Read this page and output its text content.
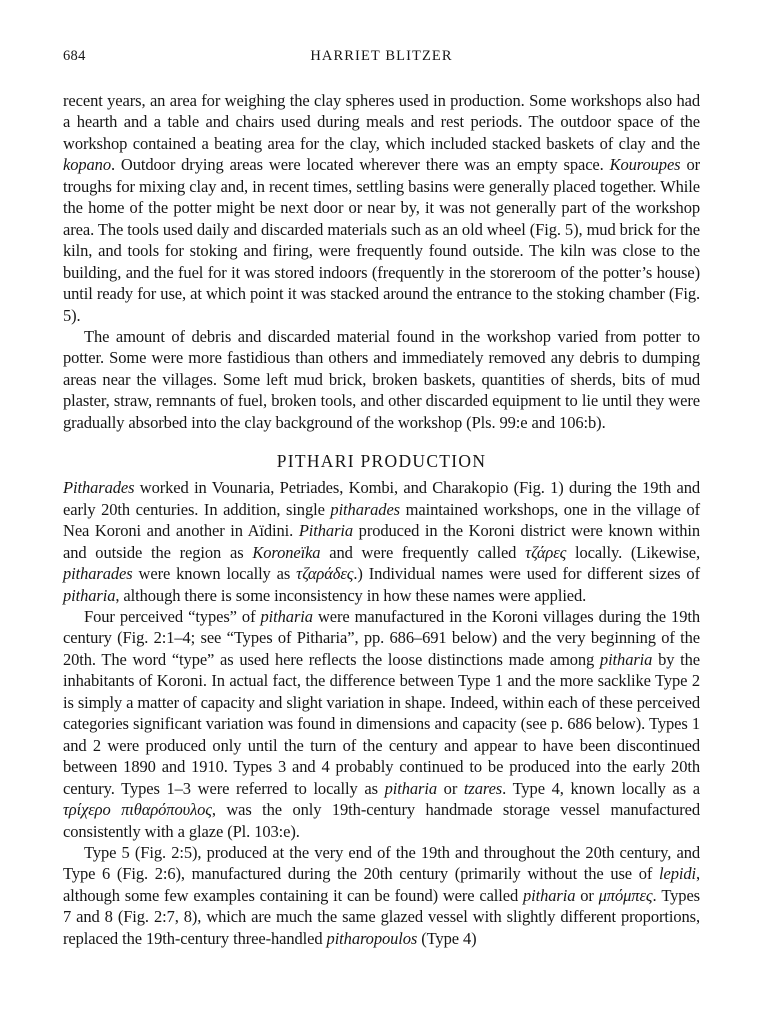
684	HARRIET BLITZER

recent years, an area for weighing the clay spheres used in production. Some workshops also had a hearth and a table and chairs used during meals and rest periods. The outdoor space of the workshop contained a beating area for the clay, which included stacked baskets of clay and the kopano. Outdoor drying areas were located wherever there was an empty space. Kouroupes or troughs for mixing clay and, in recent times, settling basins were generally placed together. While the home of the potter might be next door or near by, it was not generally part of the workshop area. The tools used daily and discarded materials such as an old wheel (Fig. 5), mud brick for the kiln, and tools for stoking and firing, were frequently found outside. The kiln was close to the building, and the fuel for it was stored indoors (frequently in the storeroom of the potter’s house) until ready for use, at which point it was stacked around the entrance to the stoking chamber (Fig. 5).

The amount of debris and discarded material found in the workshop varied from potter to potter. Some were more fastidious than others and immediately removed any debris to dumping areas near the villages. Some left mud brick, broken baskets, quantities of sherds, bits of mud plaster, straw, remnants of fuel, broken tools, and other discarded equipment to lie until they were gradually absorbed into the clay background of the workshop (Pls. 99:e and 106:b).

PITHARI PRODUCTION

Pitharades worked in Vounaria, Petriades, Kombi, and Charakopio (Fig. 1) during the 19th and early 20th centuries. In addition, single pitharades maintained workshops, one in the village of Nea Koroni and another in Aïdini. Pitharia produced in the Koroni district were known within and outside the region as Koroneïka and were frequently called τζάρες locally. (Likewise, pitharades were known locally as τζαράδες.) Individual names were used for different sizes of pitharia, although there is some inconsistency in how these names were applied.

Four perceived “types” of pitharia were manufactured in the Koroni villages during the 19th century (Fig. 2:1–4; see “Types of Pitharia”, pp. 686–691 below) and the very beginning of the 20th. The word “type” as used here reflects the loose distinctions made among pitharia by the inhabitants of Koroni. In actual fact, the difference between Type 1 and the more sacklike Type 2 is simply a matter of capacity and slight variation in shape. Indeed, within each of these perceived categories significant variation was found in dimensions and capacity (see p. 686 below). Types 1 and 2 were produced only until the turn of the century and appear to have been discontinued between 1890 and 1910. Types 3 and 4 probably continued to be produced into the early 20th century. Types 1–3 were referred to locally as pitharia or tzares. Type 4, known locally as a τρίχερο πιθαρόπουλος, was the only 19th-century handmade storage vessel manufactured consistently with a glaze (Pl. 103:e).

Type 5 (Fig. 2:5), produced at the very end of the 19th and throughout the 20th century, and Type 6 (Fig. 2:6), manufactured during the 20th century (primarily without the use of lepidi, although some few examples containing it can be found) were called pitharia or μπόμπες. Types 7 and 8 (Fig. 2:7, 8), which are much the same glazed vessel with slightly different proportions, replaced the 19th-century three-handled pitharopoulos (Type 4)
